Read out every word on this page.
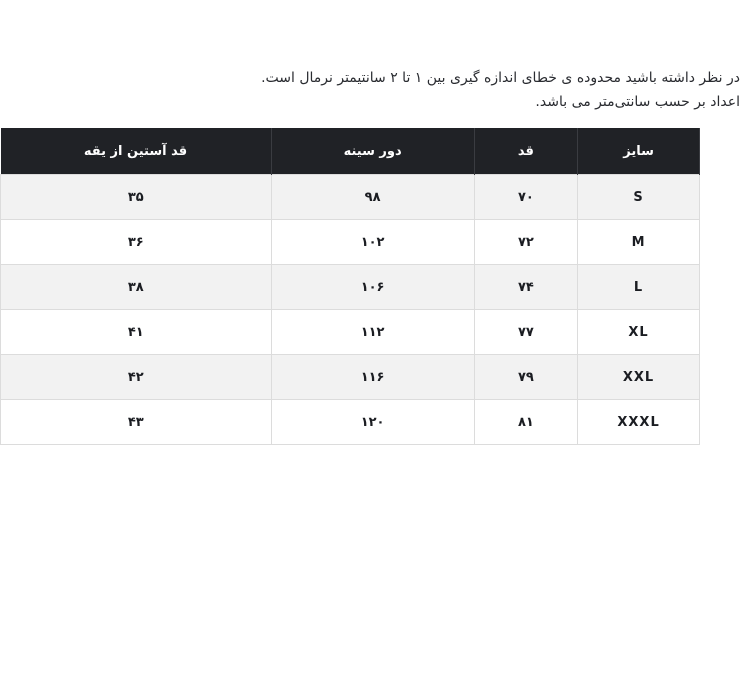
در نظر داشته باشید محدوده ی خطای اندازه گیری بین ۱ تا ۲ سانتیمتر نرمال است.
اعداد بر حسب سانتی‌متر می باشد.
سایز	قد	دور سینه	قد آستین از یقه
S	۷۰	۹۸	۳۵
M	۷۲	۱۰۲	۳۶
L	۷۴	۱۰۶	۳۸
XL	۷۷	۱۱۲	۴۱
XXL	۷۹	۱۱۶	۴۲
XXXL	۸۱	۱۲۰	۴۳
